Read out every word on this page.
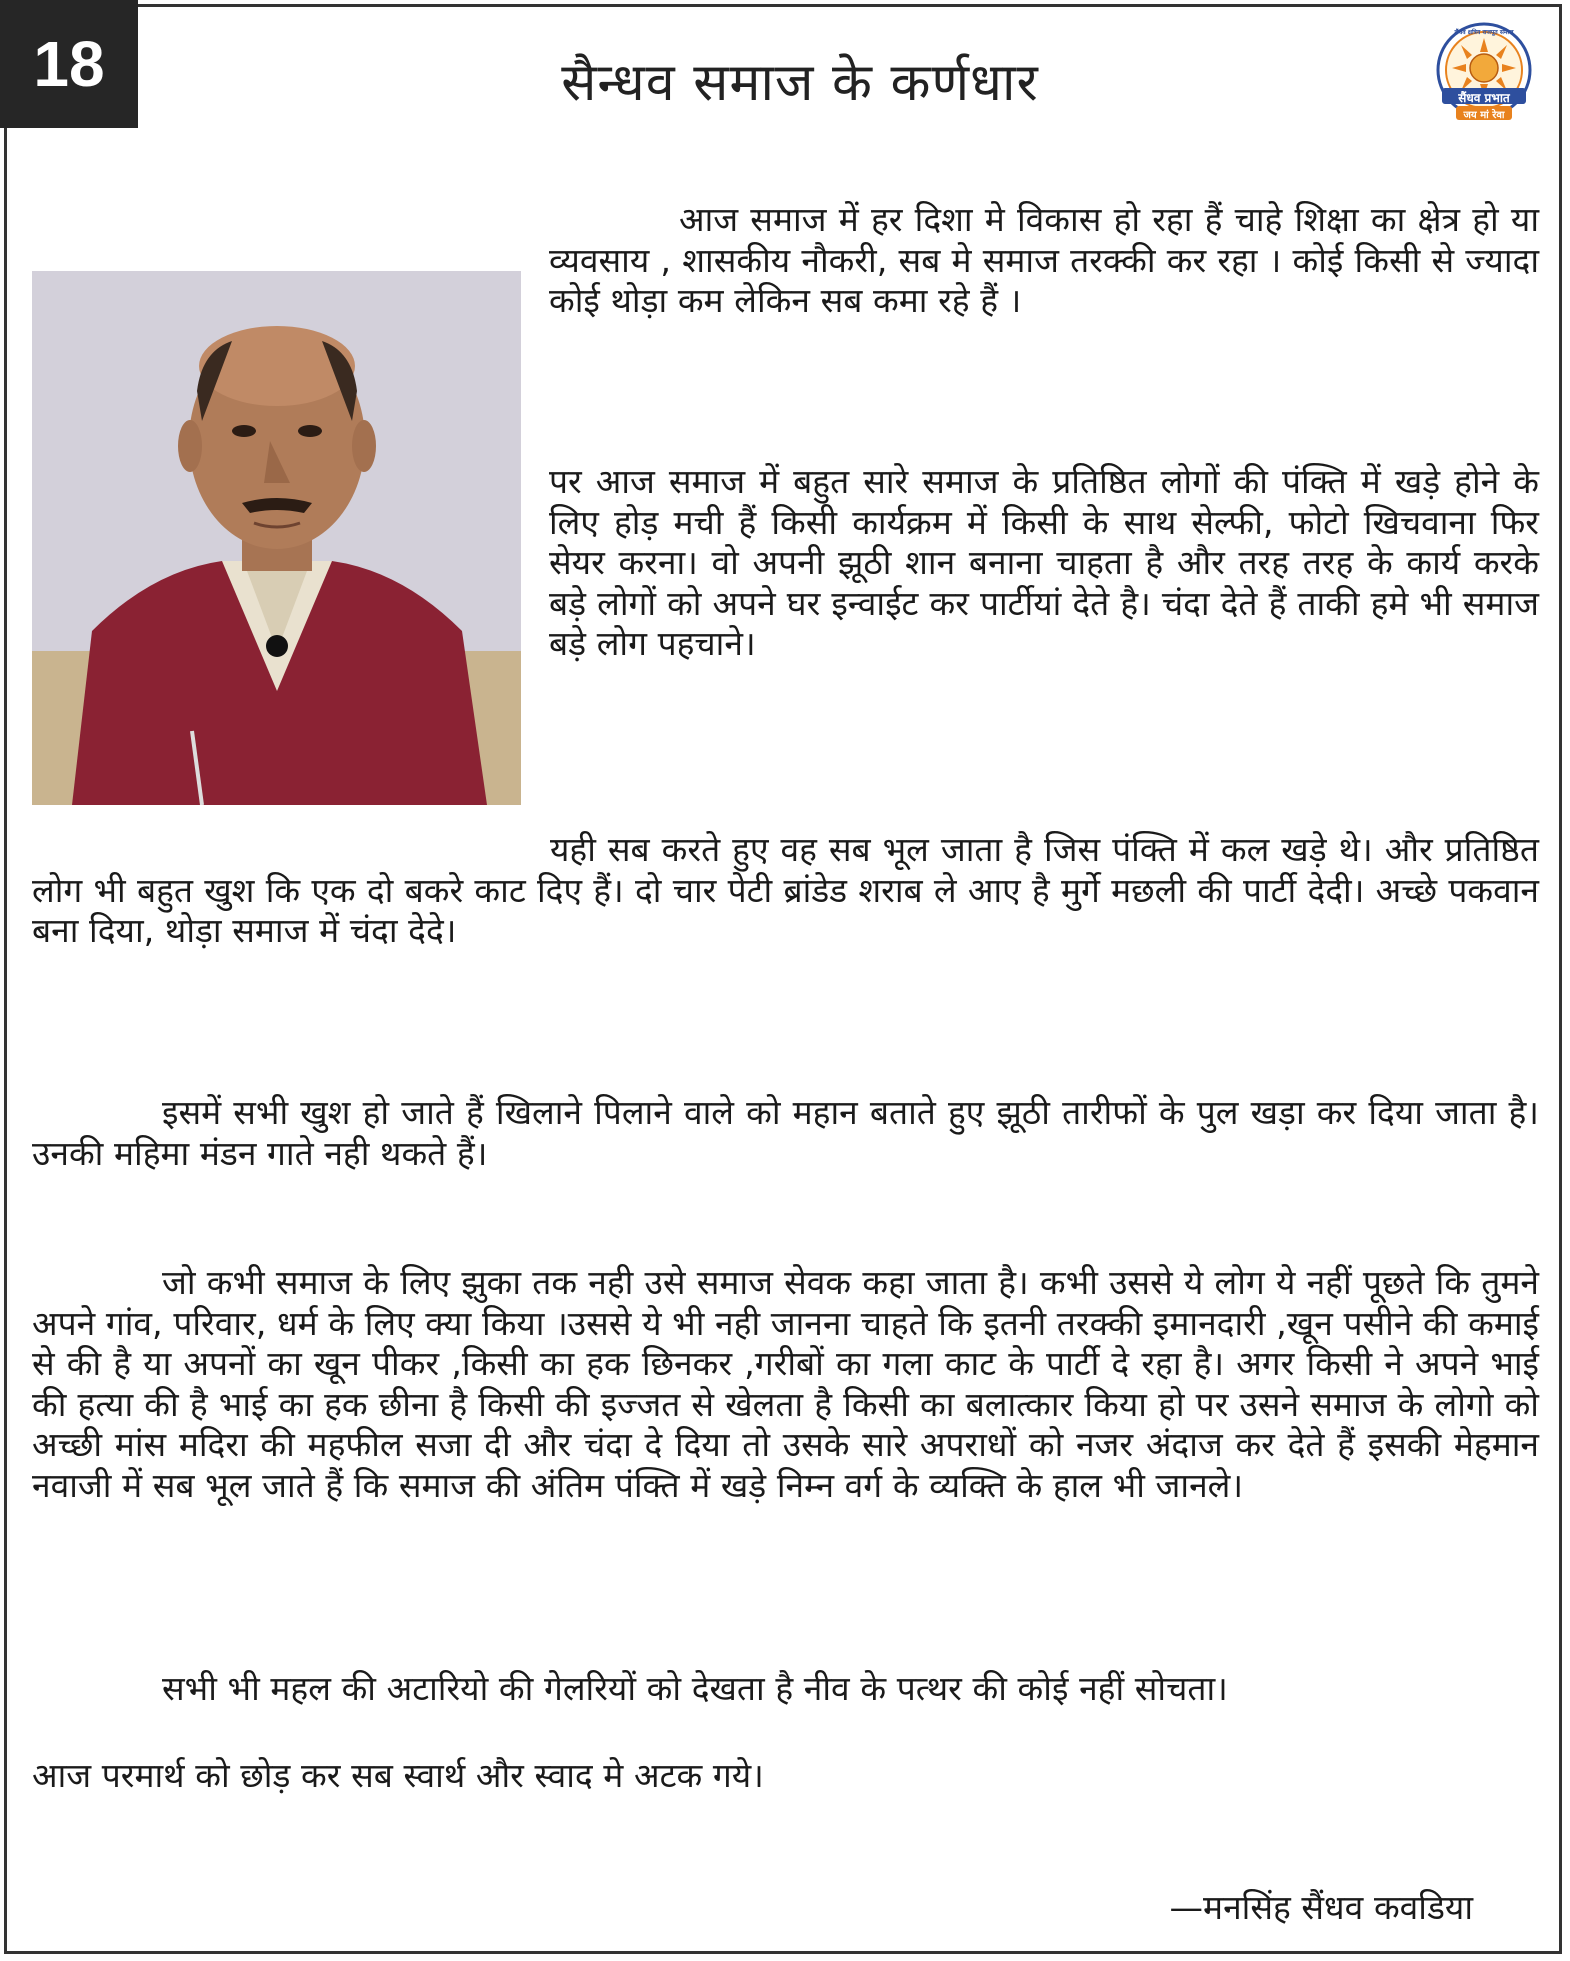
18	सैन्धव समाज के कर्णधार	सैंधव प्रभात
जय मां रेवा
सैंधव क्षत्रिय राजपूत समाज
आज समाज में हर दिशा मे विकास हो रहा हैं चाहे शिक्षा का क्षेत्र हो या व्यवसाय , शासकीय नौकरी, सब मे समाज तरक्की कर रहा । कोई किसी से ज्यादा कोई थोड़ा कम लेकिन सब कमा रहे हैं ।
पर आज समाज में बहुत सारे समाज के प्रतिष्ठित लोगों की पंक्ति में खड़े होने के लिए होड़ मची हैं किसी कार्यक्रम में किसी के साथ सेल्फी, फोटो खिचवाना फिर सेयर करना। वो अपनी झूठी शान बनाना चाहता है और तरह तरह के कार्य करके बड़े लोगों को अपने घर इन्वाईट कर पार्टीयां देते है। चंदा देते हैं ताकी हमे भी समाज बड़े लोग पहचाने।
यही सब करते हुए वह सब भूल जाता है जिस पंक्ति में कल खड़े थे। और प्रतिष्ठित लोग भी बहुत खुश कि एक दो बकरे काट दिए हैं। दो चार पेटी ब्रांडेड शराब ले आए है मुर्गे मछली की पार्टी देदी। अच्छे पकवान बना दिया, थोड़ा समाज में चंदा देदे।
इसमें सभी खुश हो जाते हैं खिलाने पिलाने वाले को महान बताते हुए झूठी तारीफों के पुल खड़ा कर दिया जाता है। उनकी महिमा मंडन गाते नही थकते हैं।
जो कभी समाज के लिए झुका तक नही उसे समाज सेवक कहा जाता है। कभी उससे ये लोग ये नहीं पूछते कि तुमने अपने गांव, परिवार, धर्म के लिए क्या किया ।उससे ये भी नही जानना चाहते कि इतनी तरक्की इमानदारी ,खून पसीने की कमाई से की है या अपनों का खून पीकर ,किसी का हक छिनकर ,गरीबों का गला काट के पार्टी दे रहा है। अगर किसी ने अपने भाई की हत्या की है भाई का हक छीना है किसी की इज्जत से खेलता है किसी का बलात्कार किया हो पर उसने समाज के लोगो को अच्छी मांस मदिरा की महफील सजा दी और चंदा दे दिया तो उसके सारे अपराधों को नजर अंदाज कर देते हैं इसकी मेहमान नवाजी में सब भूल जाते हैं कि समाज की अंतिम पंक्ति में खड़े निम्न वर्ग के व्यक्ति के हाल भी जानले।
सभी भी महल की अटारियो की गेलरियों को देखता है नीव के पत्थर की कोई नहीं सोचता।
आज परमार्थ को छोड़ कर सब स्वार्थ और स्वाद मे अटक गये।
—मनसिंह सैंधव कवडिया
